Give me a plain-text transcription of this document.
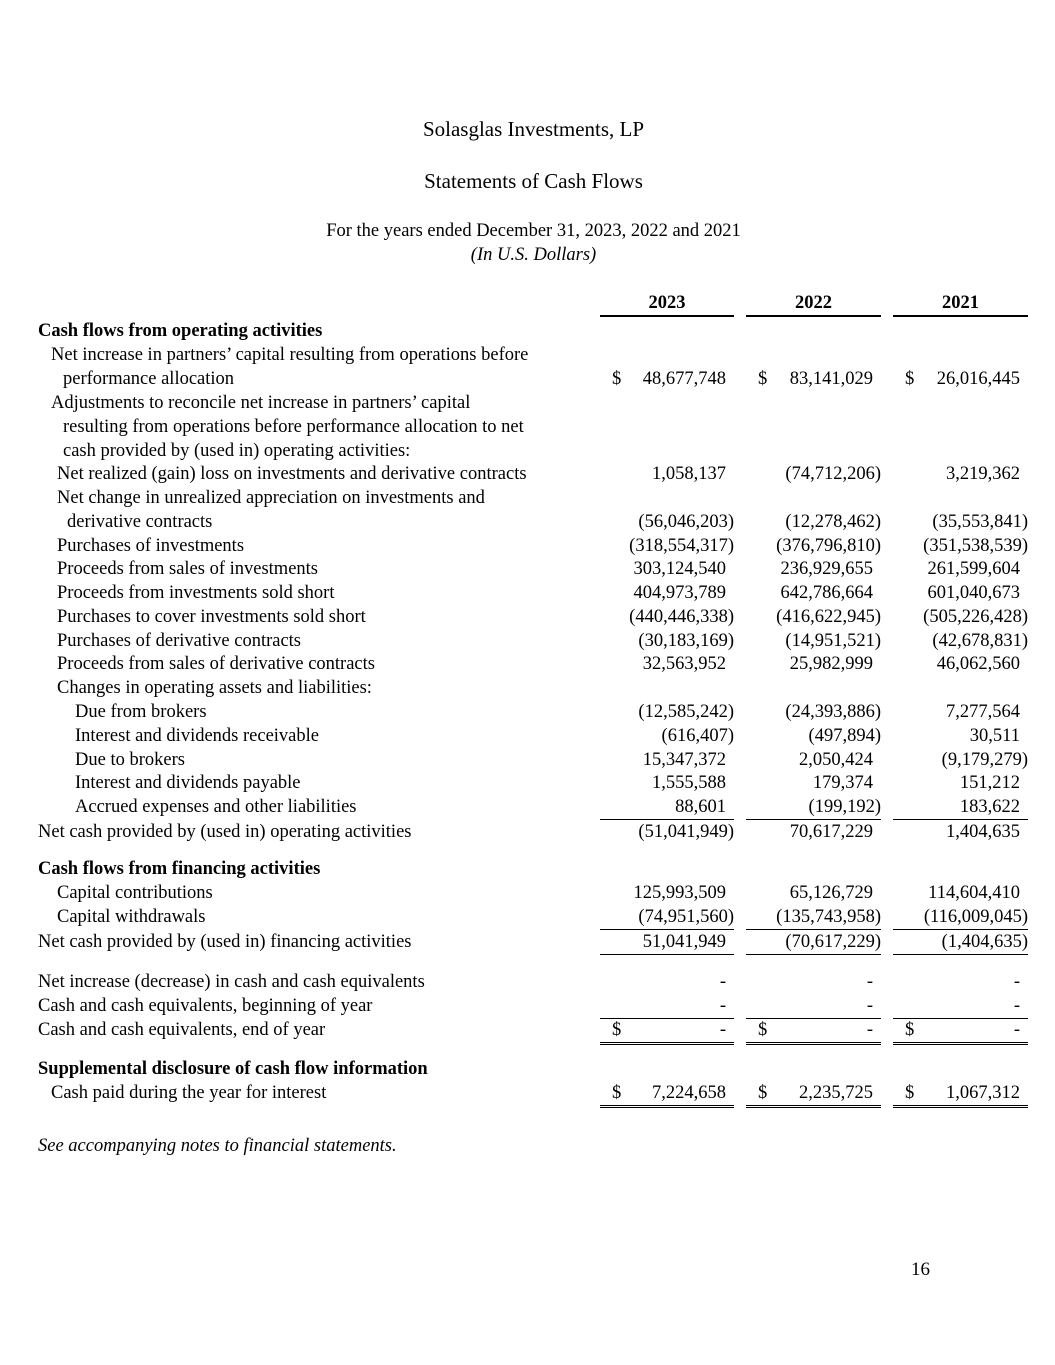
Solasglas Investments, LP
Statements of Cash Flows
For the years ended December 31, 2023, 2022 and 2021
(In U.S. Dollars)
2023	2022	2021
Cash flows from operating activities
Net increase in partners’ capital resulting from operations before
performance allocation	$ 48,677,748 $ 83,141,029 $ 26,016,445
Adjustments to reconcile net increase in partners’ capital
resulting from operations before performance allocation to net
cash provided by (used in) operating activities:
Net realized (gain) loss on investments and derivative contracts	1,058,137	(74,712,206)	3,219,362
Net change in unrealized appreciation on investments and
derivative contracts	(56,046,203)	(12,278,462)	(35,553,841)
Purchases of investments	(318,554,317) (376,796,810) (351,538,539)
Proceeds from sales of investments	303,124,540	236,929,655	261,599,604
Proceeds from investments sold short	404,973,789	642,786,664	601,040,673
Purchases to cover investments sold short	(440,446,338) (416,622,945) (505,226,428)
Purchases of derivative contracts	(30,183,169)	(14,951,521)	(42,678,831)
Proceeds from sales of derivative contracts	32,563,952	25,982,999	46,062,560
Changes in operating assets and liabilities:
Due from brokers	(12,585,242)	(24,393,886)	7,277,564
Interest and dividends receivable	(616,407)	(497,894)	30,511
Due to brokers	15,347,372	2,050,424	(9,179,279)
Interest and dividends payable	1,555,588	179,374	151,212
Accrued expenses and other liabilities	88,601	(199,192)	183,622
Net cash provided by (used in) operating activities	(51,041,949)	70,617,229	1,404,635
Cash flows from financing activities
Capital contributions	125,993,509	65,126,729	114,604,410
Capital withdrawals	(74,951,560) (135,743,958) (116,009,045)
Net cash provided by (used in) financing activities	51,041,949	(70,617,229)	(1,404,635)
Net increase (decrease) in cash and cash equivalents	-	-	-
Cash and cash equivalents, beginning of year	-	-	-
Cash and cash equivalents, end of year	$	- $	- $	-
Supplemental disclosure of cash flow information
Cash paid during the year for interest	$ 7,224,658 $ 2,235,725 $ 1,067,312
See accompanying notes to financial statements.
16
